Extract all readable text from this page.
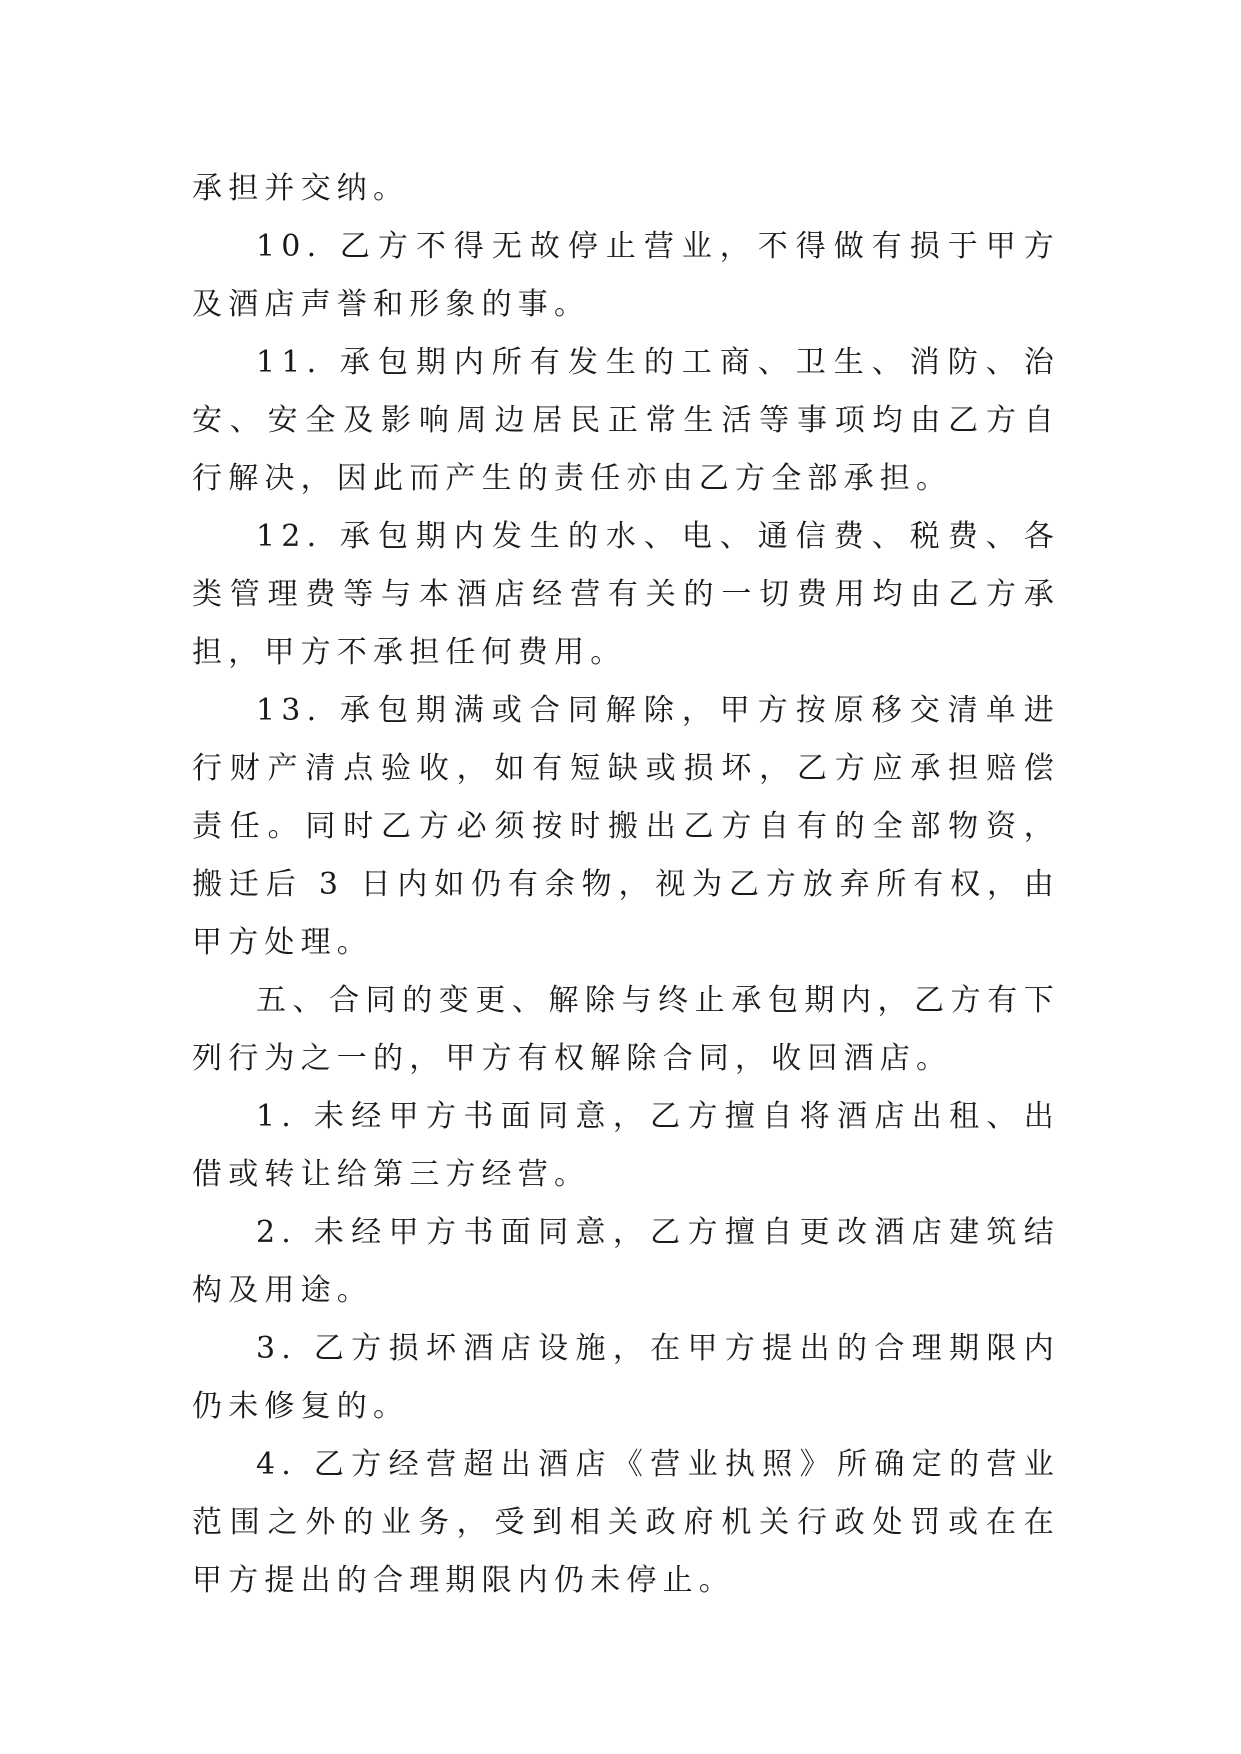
承担并交纳。

10. 乙方不得无故停止营业，不得做有损于甲方及酒店声誉和形象的事。

11. 承包期内所有发生的工商、卫生、消防、治安、安全及影响周边居民正常生活等事项均由乙方自行解决，因此而产生的责任亦由乙方全部承担。

12. 承包期内发生的水、电、通信费、税费、各类管理费等与本酒店经营有关的一切费用均由乙方承担，甲方不承担任何费用。

13. 承包期满或合同解除，甲方按原移交清单进行财产清点验收，如有短缺或损坏，乙方应承担赔偿责任。同时乙方必须按时搬出乙方自有的全部物资，搬迁后 3 日内如仍有余物，视为乙方放弃所有权，由甲方处理。

五、合同的变更、解除与终止承包期内，乙方有下列行为之一的，甲方有权解除合同，收回酒店。

1. 未经甲方书面同意，乙方擅自将酒店出租、出借或转让给第三方经营。

2. 未经甲方书面同意，乙方擅自更改酒店建筑结构及用途。

3. 乙方损坏酒店设施，在甲方提出的合理期限内仍未修复的。

4. 乙方经营超出酒店《营业执照》所确定的营业范围之外的业务，受到相关政府机关行政处罚或在在甲方提出的合理期限内仍未停止。
